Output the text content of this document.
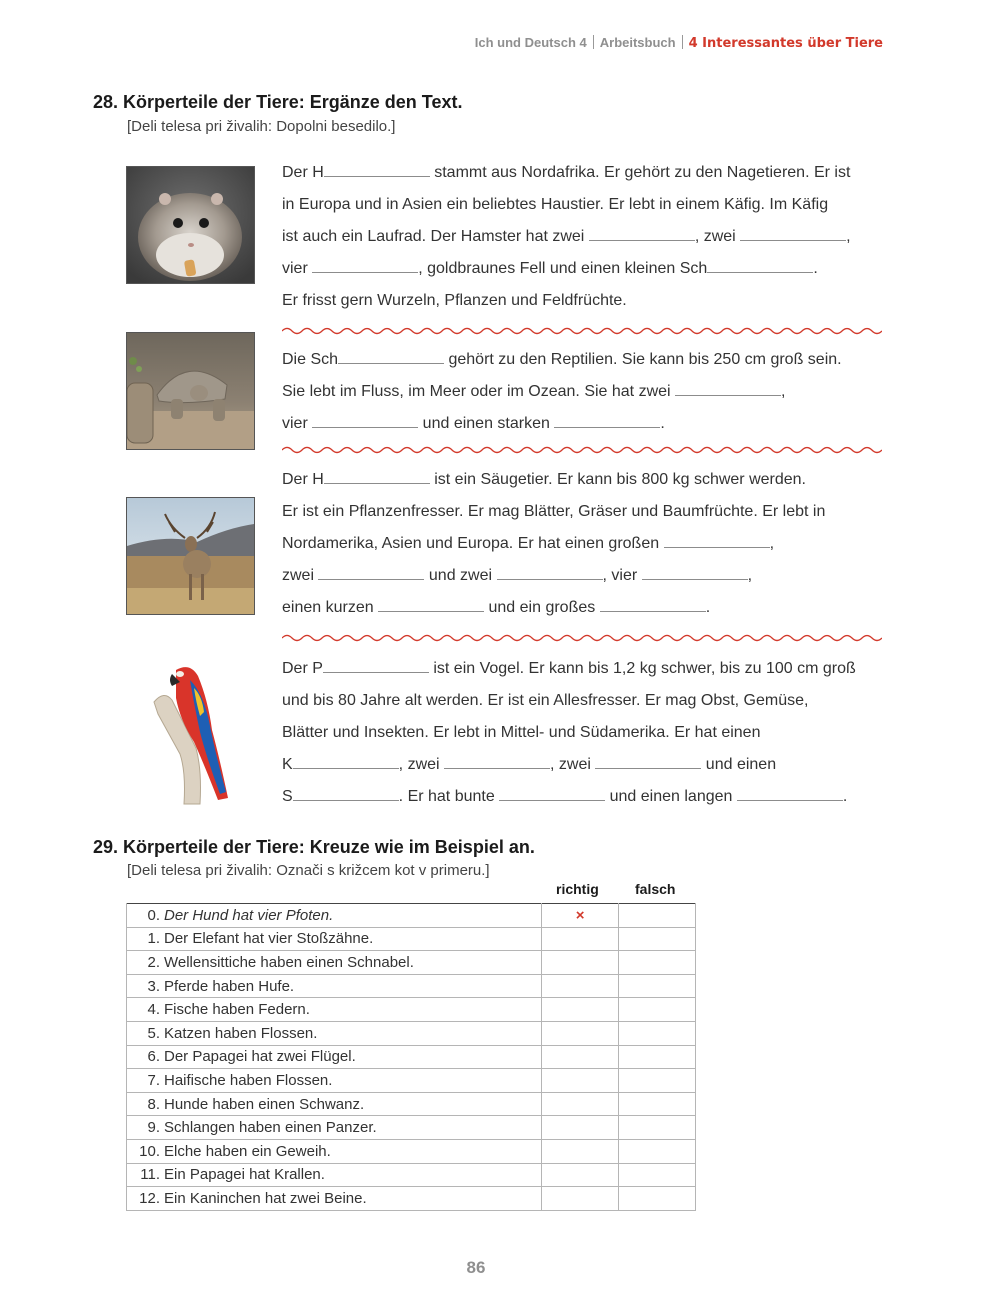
Ich und Deutsch 4 Arbeitsbuch 4 Interessantes über Tiere
28. Körperteile der Tiere: Ergänze den Text.
[Deli telesa pri živalih: Dopolni besedilo.]
Der H	stammt aus Nordafrika. Er gehört zu den Nagetieren. Er ist
in Europa und in Asien ein beliebtes Haustier. Er lebt in einem Käfig. Im Käfig
ist auch ein Laufrad. Der Hamster hat zwei	, zwei	,
vier	, goldbraunes Fell und einen kleinen Sch	.
Er frisst gern Wurzeln, Pflanzen und Feldfrüchte.
Die Sch	gehört zu den Reptilien. Sie kann bis 250 cm groß sein.
Sie lebt im Fluss, im Meer oder im Ozean. Sie hat zwei	,
vier	und einen starken	.
Der H	ist ein Säugetier. Er kann bis 800 kg schwer werden.
Er ist ein Pflanzenfresser. Er mag Blätter, Gräser und Baumfrüchte. Er lebt in
Nordamerika, Asien und Europa. Er hat einen großen	,
zwei	und zwei	, vier	,
einen kurzen	und ein großes	.
Der P	ist ein Vogel. Er kann bis 1,2 kg schwer, bis zu 100 cm groß
und bis 80 Jahre alt werden. Er ist ein Allesfresser. Er mag Obst, Gemüse,
Blätter und Insekten. Er lebt in Mittel- und Südamerika. Er hat einen
K	, zwei	, zwei	und einen
S	. Er hat bunte	und einen langen	.
29. Körperteile der Tiere: Kreuze wie im Beispiel an.
[Deli telesa pri živalih: Označi s križcem kot v primeru.]
richtig	falsch
0. Der Hund hat vier Pfoten.	×	
1. Der Elefant hat vier Stoßzähne.		
2. Wellensittiche haben einen Schnabel.		
3. Pferde haben Hufe.		
4. Fische haben Federn.		
5. Katzen haben Flossen.		
6. Der Papagei hat zwei Flügel.		
7. Haifische haben Flossen.		
8. Hunde haben einen Schwanz.		
9. Schlangen haben einen Panzer.		
10. Elche haben ein Geweih.		
11. Ein Papagei hat Krallen.		
12. Ein Kaninchen hat zwei Beine.		
86
